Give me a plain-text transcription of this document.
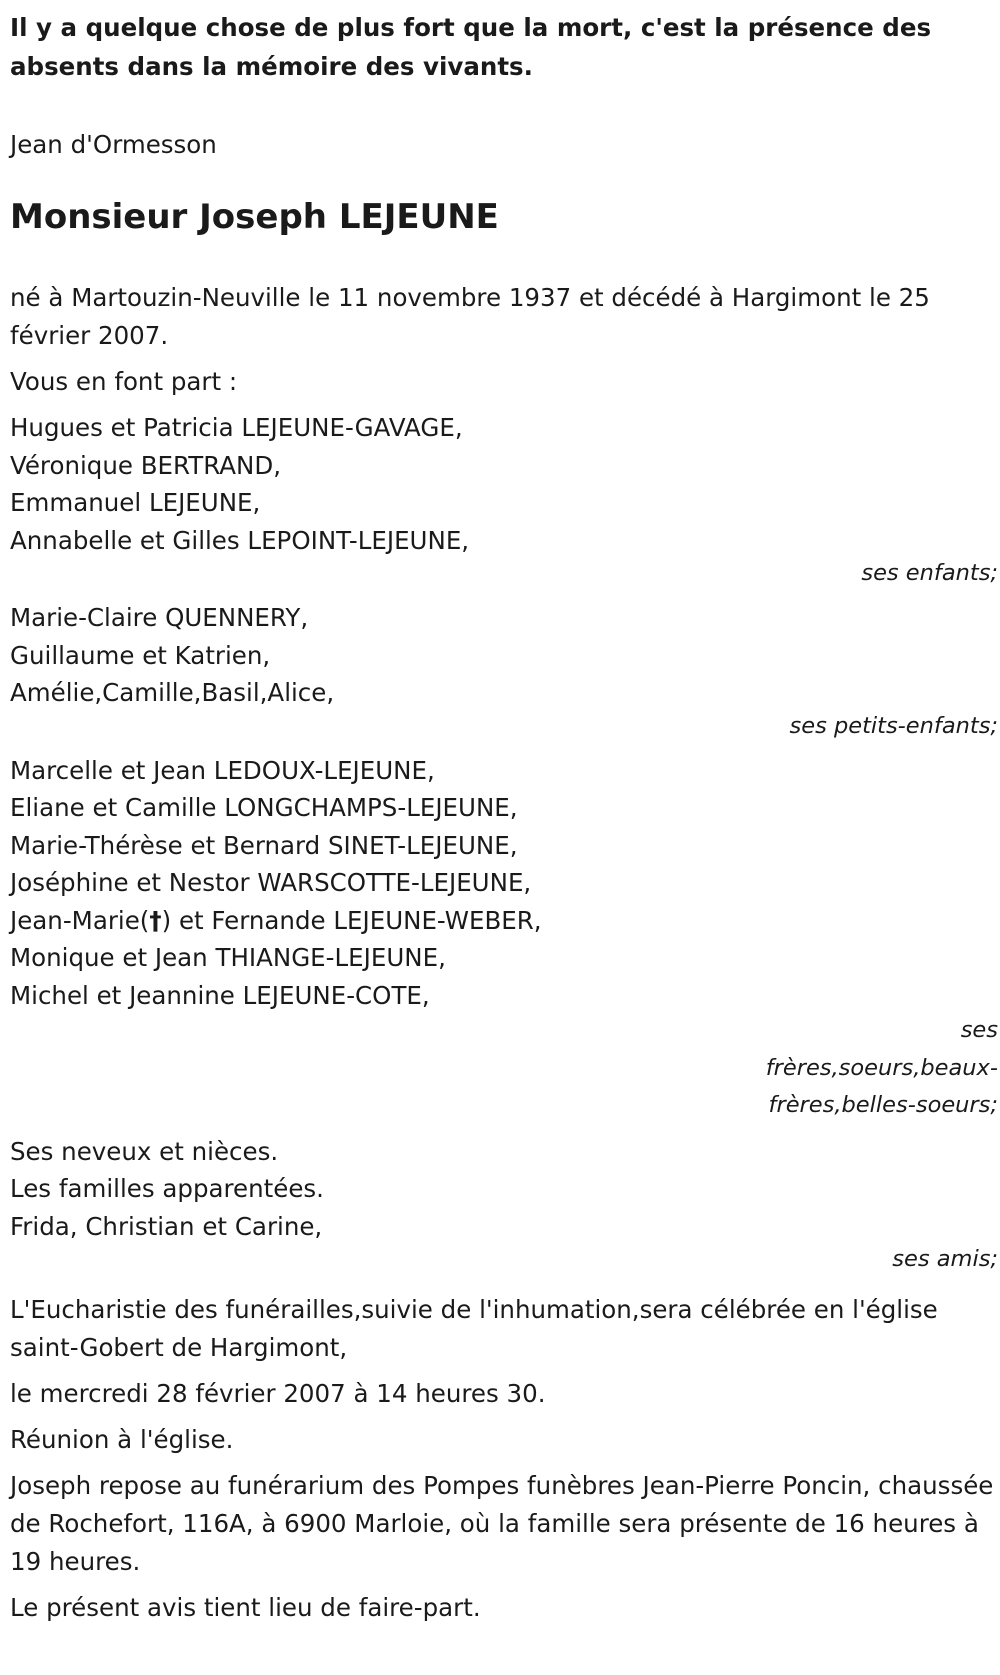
Il y a quelque chose de plus fort que la mort, c'est la présence des absents dans la mémoire des vivants.
Jean d'Ormesson
Monsieur Joseph LEJEUNE
né à Martouzin-Neuville le 11 novembre 1937 et décédé à Hargimont le 25 février 2007.
Vous en font part :
Hugues et Patricia LEJEUNE-GAVAGE,
Véronique BERTRAND,
Emmanuel LEJEUNE,
Annabelle et Gilles LEPOINT-LEJEUNE,
ses enfants;
Marie-Claire QUENNERY,
Guillaume et Katrien,
Amélie,Camille,Basil,Alice,
ses petits-enfants;
Marcelle et Jean LEDOUX-LEJEUNE,
Eliane et Camille LONGCHAMPS-LEJEUNE,
Marie-Thérèse et Bernard SINET-LEJEUNE,
Joséphine et Nestor WARSCOTTE-LEJEUNE,
Jean-Marie(†) et Fernande LEJEUNE-WEBER,
Monique et Jean THIANGE-LEJEUNE,
Michel et Jeannine LEJEUNE-COTE,
ses
frères,soeurs,beaux-
frères,belles-soeurs;
Ses neveux et nièces.
Les familles apparentées.
Frida, Christian et Carine,
ses amis;
L'Eucharistie des funérailles,suivie de l'inhumation,sera célébrée en l'église saint-Gobert de Hargimont,
le mercredi 28 février 2007 à 14 heures 30.
Réunion à l'église.
Joseph repose au funérarium des Pompes funèbres Jean-Pierre Poncin, chaussée de Rochefort, 116A, à 6900 Marloie, où la famille sera présente de 16 heures à 19 heures.
Le présent avis tient lieu de faire-part.
